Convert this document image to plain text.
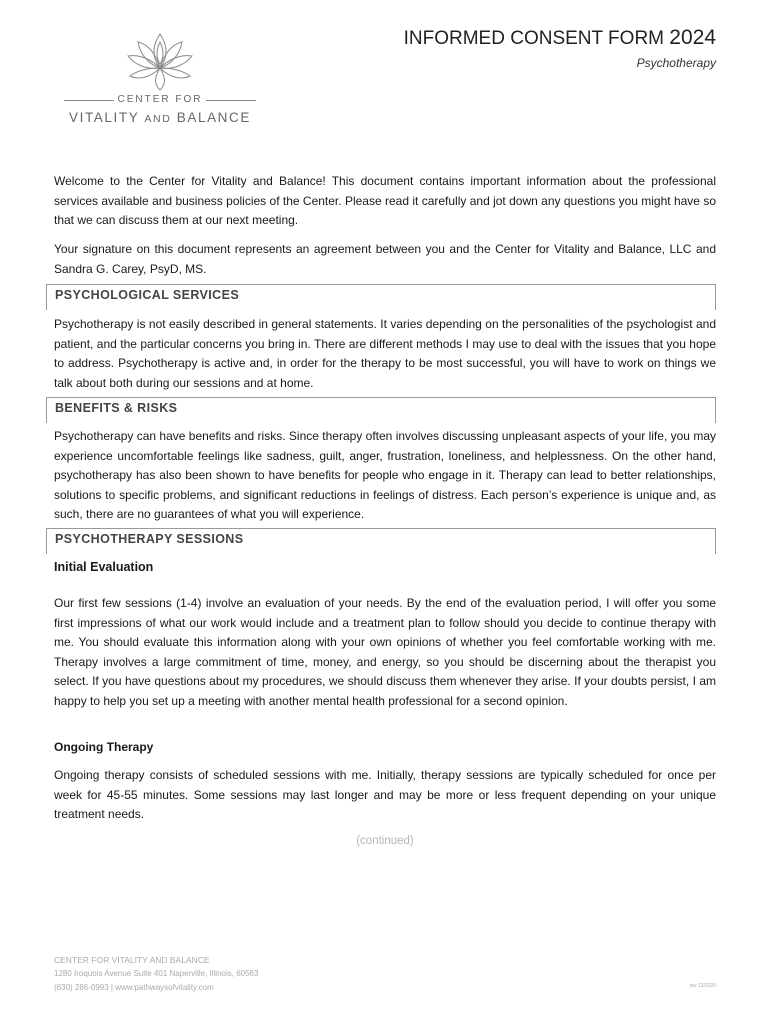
CENTER FOR
VITALITY AND BALANCE
INFORMED CONSENT FORM 2024
Psychotherapy
Welcome to the Center for Vitality and Balance! This document contains important information about the professional services available and business policies of the Center. Please read it carefully and jot down any questions you might have so that we can discuss them at our next meeting.
Your signature on this document represents an agreement between you and the Center for Vitality and Balance, LLC and Sandra G. Carey, PsyD, MS.
PSYCHOLOGICAL SERVICES
Psychotherapy is not easily described in general statements. It varies depending on the personalities of the psychologist and patient, and the particular concerns you bring in. There are different methods I may use to deal with the issues that you hope to address. Psychotherapy is active and, in order for the therapy to be most successful, you will have to work on things we talk about both during our sessions and at home.
BENEFITS & RISKS
Psychotherapy can have benefits and risks. Since therapy often involves discussing unpleasant aspects of your life, you may experience uncomfortable feelings like sadness, guilt, anger, frustration, loneliness, and helplessness. On the other hand, psychotherapy has also been shown to have benefits for people who engage in it. Therapy can lead to better relationships, solutions to specific problems, and significant reductions in feelings of distress. Each person’s experience is unique and, as such, there are no guarantees of what you will experience.
PSYCHOTHERAPY SESSIONS
Initial Evaluation
Our first few sessions (1-4) involve an evaluation of your needs. By the end of the evaluation period, I will offer you some first impressions of what our work would include and a treatment plan to follow should you decide to continue therapy with me. You should evaluate this information along with your own opinions of whether you feel comfortable working with me. Therapy involves a large commitment of time, money, and energy, so you should be discerning about the therapist you select. If you have questions about my procedures, we should discuss them whenever they arise. If your doubts persist, I am happy to help you set up a meeting with another mental health professional for a second opinion.
Ongoing Therapy
Ongoing therapy consists of scheduled sessions with me. Initially, therapy sessions are typically scheduled for once per week for 45-55 minutes. Some sessions may last longer and may be more or less frequent depending on your unique treatment needs.
(continued)
CENTER FOR VITALITY AND BALANCE
1280 Iroquois Avenue Suite 401 Naperville, Illinois, 60563
(630) 286-0993 | www.pathwaysofvitality.com	rev 12/2020
